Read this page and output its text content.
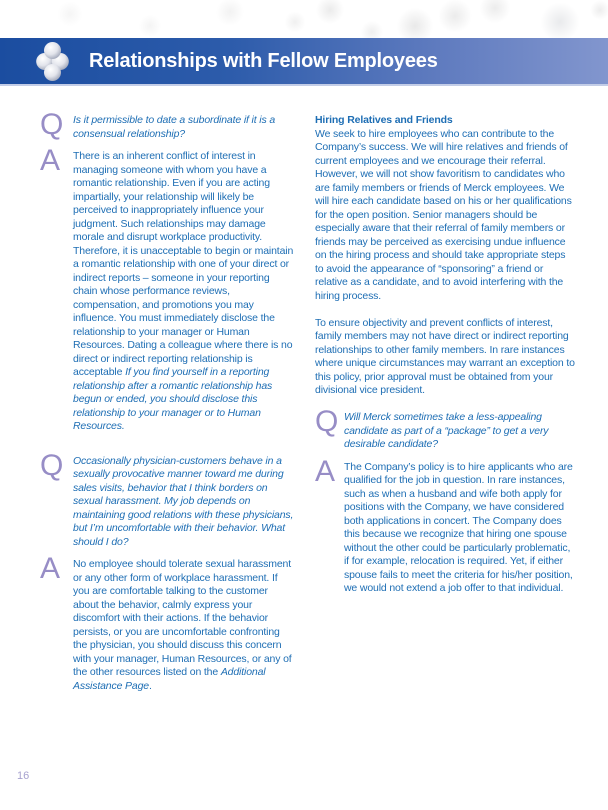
Relationships with Fellow Employees
Q Is it permissible to date a subordinate if it is a consensual relationship?
A	There is an inherent conflict of interest in managing someone with whom you have a romantic relationship. Even if you are acting impartially, your relationship will likely be perceived to inappropriately influence your judgment. Such relationships may damage morale and disrupt workplace productivity. Therefore, it is unacceptable to begin or maintain a romantic relationship with one of your direct or indirect reports – someone in your reporting chain whose performance reviews, compensation, and promotions you may influence. You must immediately disclose the relationship to your manager or Human Resources. Dating a colleague where there is no direct or indirect reporting relationship is acceptable If you find yourself in a reporting relationship after a romantic relationship has begun or ended, you should disclose this relationship to your manager or to Human Resources.
Q Occasionally physician-customers behave in a sexually provocative manner toward me during sales visits, behavior that I think borders on sexual harassment. My job depends on maintaining good relations with these physicians, but I’m uncomfortable with their behavior. What should I do?
A	No employee should tolerate sexual harassment or any other form of workplace harassment. If you are comfortable talking to the customer about the behavior, calmly express your discomfort with their actions. If the behavior persists, or you are uncomfortable confronting the physician, you should discuss this concern with your manager, Human Resources, or any of the other resources listed on the Additional Assistance Page.
Hiring Relatives and Friends

We seek to hire employees who can contribute to the Company’s success. We will hire relatives and friends of current employees and we encourage their referral. However, we will not show favoritism to candidates who are family members or friends of Merck employees. We will hire each candidate based on his or her qualifications for the open position. Senior managers should be especially aware that their referral of family members or friends may be perceived as exercising undue influence on the hiring process and should take appropriate steps to avoid the appearance of “sponsoring” a friend or relative as a candidate, and to avoid interfering with the hiring process.

To ensure objectivity and prevent conflicts of interest, family members may not have direct or indirect reporting relationships to other family members. In rare instances where unique circumstances may warrant an exception to this policy, prior approval must be obtained from your divisional vice president.

Q Will Merck sometimes take a less-appealing candidate as part of a “package” to get a very desirable candidate?
A The Company’s policy is to hire applicants who are qualified for the job in question. In rare instances, such as when a husband and wife both apply for positions with the Company, we have considered both applications in concert. The Company does this because we recognize that hiring one spouse without the other could be particularly problematic, if for example, relocation is required. Yet, if either spouse fails to meet the criteria for his/her position, we would not extend a job offer to that individual.
16
